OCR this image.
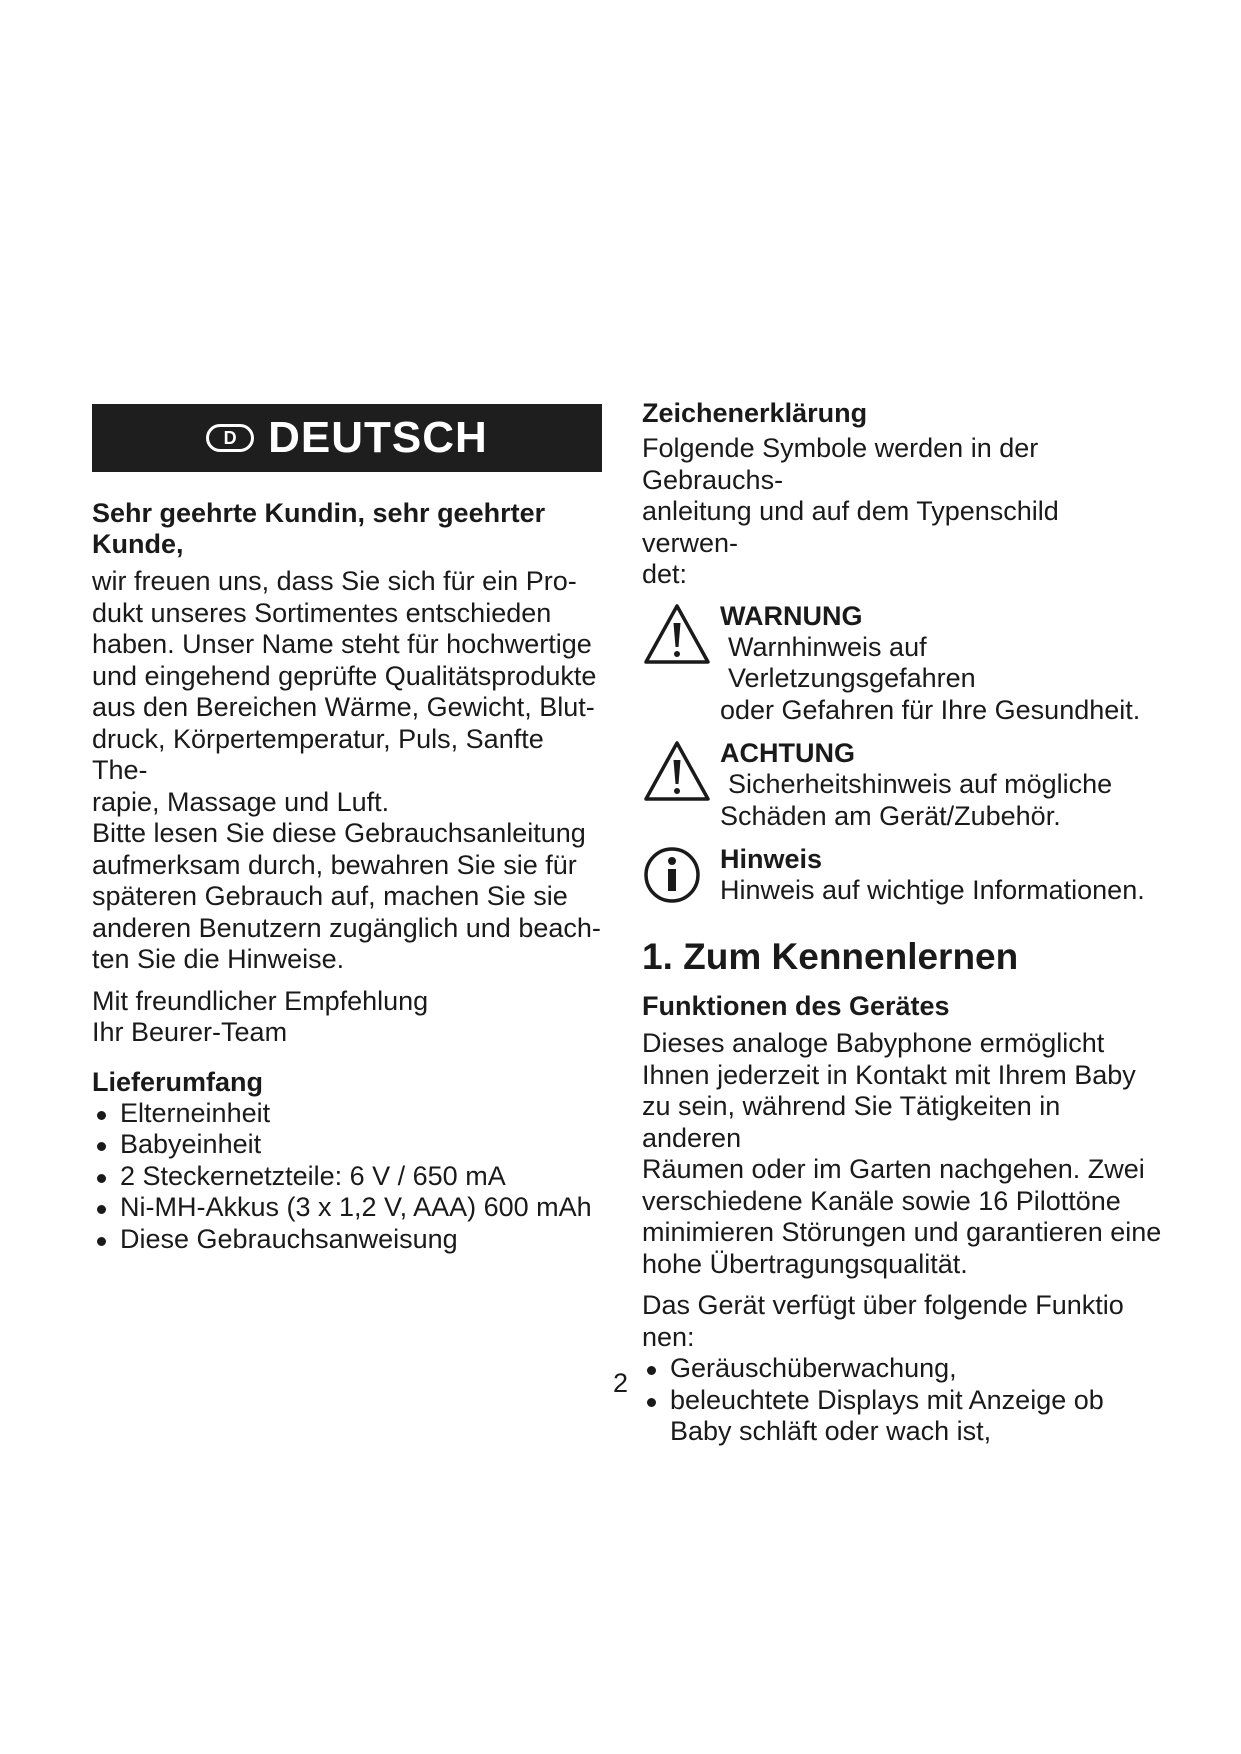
D DEUTSCH

Sehr geehrte Kundin, sehr geehrter Kunde,

wir freuen uns, dass Sie sich für ein Pro-

dukt unseres Sortimentes entschieden

haben. Unser Name steht für hochwertige

und eingehend geprüfte Qualitätsprodukte

aus den Bereichen Wärme, Gewicht, Blut-

druck, Körpertemperatur, Puls, Sanfte The-

rapie, Massage und Luft.

Bitte lesen Sie diese Gebrauchsanleitung

aufmerksam durch, bewahren Sie sie für

späteren Gebrauch auf, machen Sie sie

anderen Benutzern zugänglich und beach-

ten Sie die Hinweise.

Mit freundlicher Empfehlung

Ihr Beurer-Team

Lieferumfang

Elterneinheit
Babyeinheit
2 Steckernetzteile: 6 V / 650 mA
Ni-MH-Akkus (3 x 1,2 V, AAA) 600 mAh
Diese Gebrauchsanweisung

Zeichenerklärung

Folgende Symbole werden in der Gebrauchs-

anleitung und auf dem Typenschild verwen-

det:

WARNUNG

Warnhinweis auf Verletzungsgefahren

oder Gefahren für Ihre Gesundheit.

ACHTUNG

Sicherheitshinweis auf mögliche

Schäden am Gerät/Zubehör.

Hinweis

Hinweis auf wichtige Informationen.

1. Zum Kennenlernen

Funktionen des Gerätes

Dieses analoge Babyphone ermöglicht

Ihnen jederzeit in Kontakt mit Ihrem Baby

zu sein, während Sie Tätigkeiten in anderen

Räumen oder im Garten nachgehen. Zwei

verschiedene Kanäle sowie 16 Pilottöne

minimieren Störungen und garantieren eine

hohe Übertragungsqualität.

Das Gerät verfügt über folgende Funktio nen:

Geräuschüberwachung,
beleuchtete Displays mit Anzeige ob Baby schläft oder wach ist,
2
